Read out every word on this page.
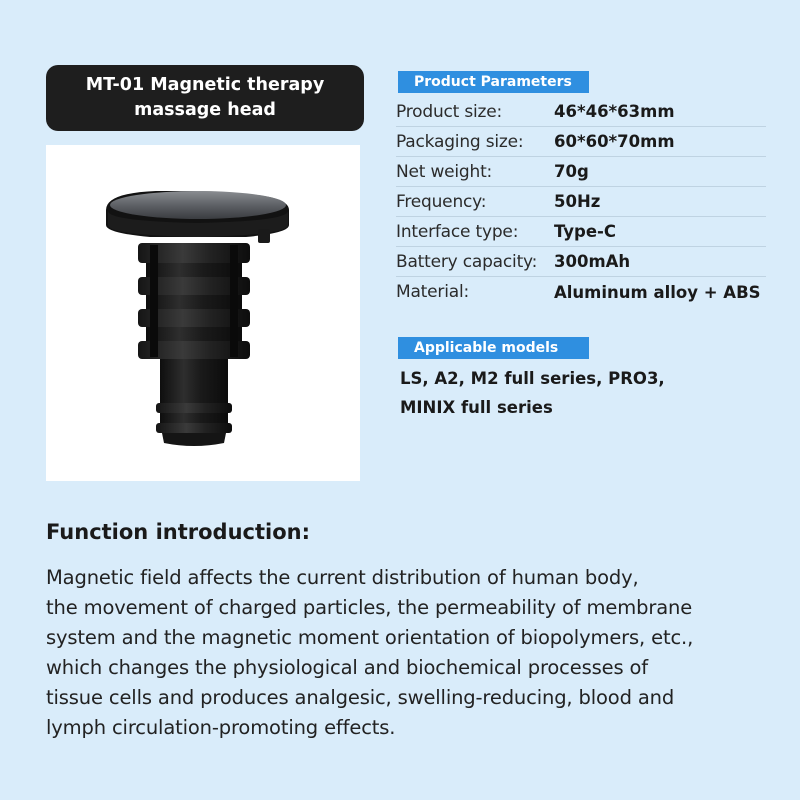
MT-01 Magnetic therapy
massage head
Product Parameters
Product size:	46*46*63mm
Packaging size:	60*60*70mm
Net weight:	70g
Frequency:	50Hz
Interface type:	Type-C
Battery capacity:	300mAh
Material:	Aluminum alloy + ABS
Applicable models
LS, A2, M2 full series, PRO3,
MINIX full series
Function introduction:
Magnetic field affects the current distribution of human body,
the movement of charged particles, the permeability of membrane
system and the magnetic moment orientation of biopolymers, etc.,
which changes the physiological and biochemical processes of
tissue cells and produces analgesic, swelling-reducing, blood and
lymph circulation-promoting effects.
